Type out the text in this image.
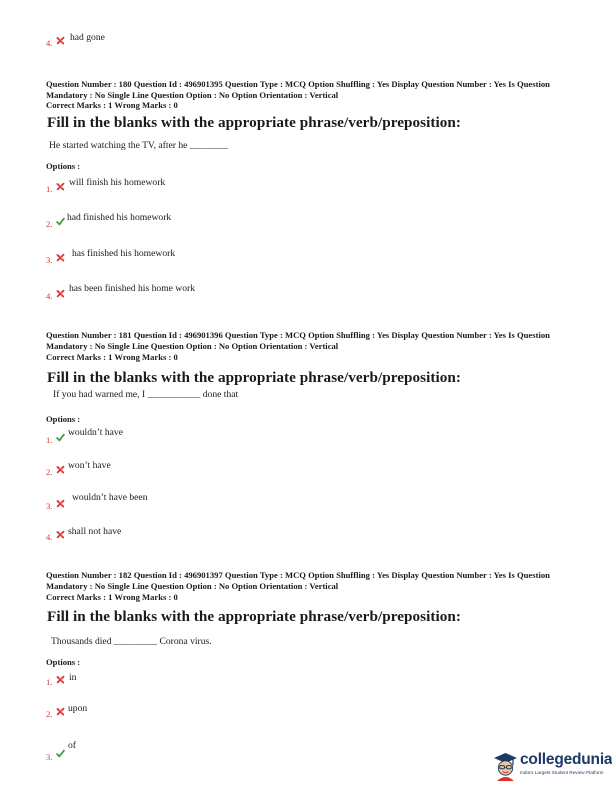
4. had gone
Question Number : 180 Question Id : 496901395 Question Type : MCQ Option Shuffling : Yes Display Question Number : Yes Is Question Mandatory : No Single Line Question Option : No Option Orientation : Vertical
Correct Marks : 1 Wrong Marks : 0
Fill in the blanks with the appropriate phrase/verb/preposition:
He started watching the TV, after he ________
Options :
1.
will finish his homework
2.
had finished his homework
3.
has finished his homework
4.
has been finished his home work
Question Number : 181 Question Id : 496901396 Question Type : MCQ Option Shuffling : Yes Display Question Number : Yes Is Question Mandatory : No Single Line Question Option : No Option Orientation : Vertical
Correct Marks : 1 Wrong Marks : 0
Fill in the blanks with the appropriate phrase/verb/preposition:
If you had warned me, I ___________ done that
Options :
1.
wouldn’t have
2.
won’t have
3.
wouldn’t have been
4. shall not have
Question Number : 182 Question Id : 496901397 Question Type : MCQ Option Shuffling : Yes Display Question Number : Yes Is Question Mandatory : No Single Line Question Option : No Option Orientation : Vertical
Correct Marks : 1 Wrong Marks : 0
Fill in the blanks with the appropriate phrase/verb/preposition:
Thousands died _________ Corona virus.
Options :
1. in
2. upon
3.
of
collegedunia
India's Largest Student Review Platform
